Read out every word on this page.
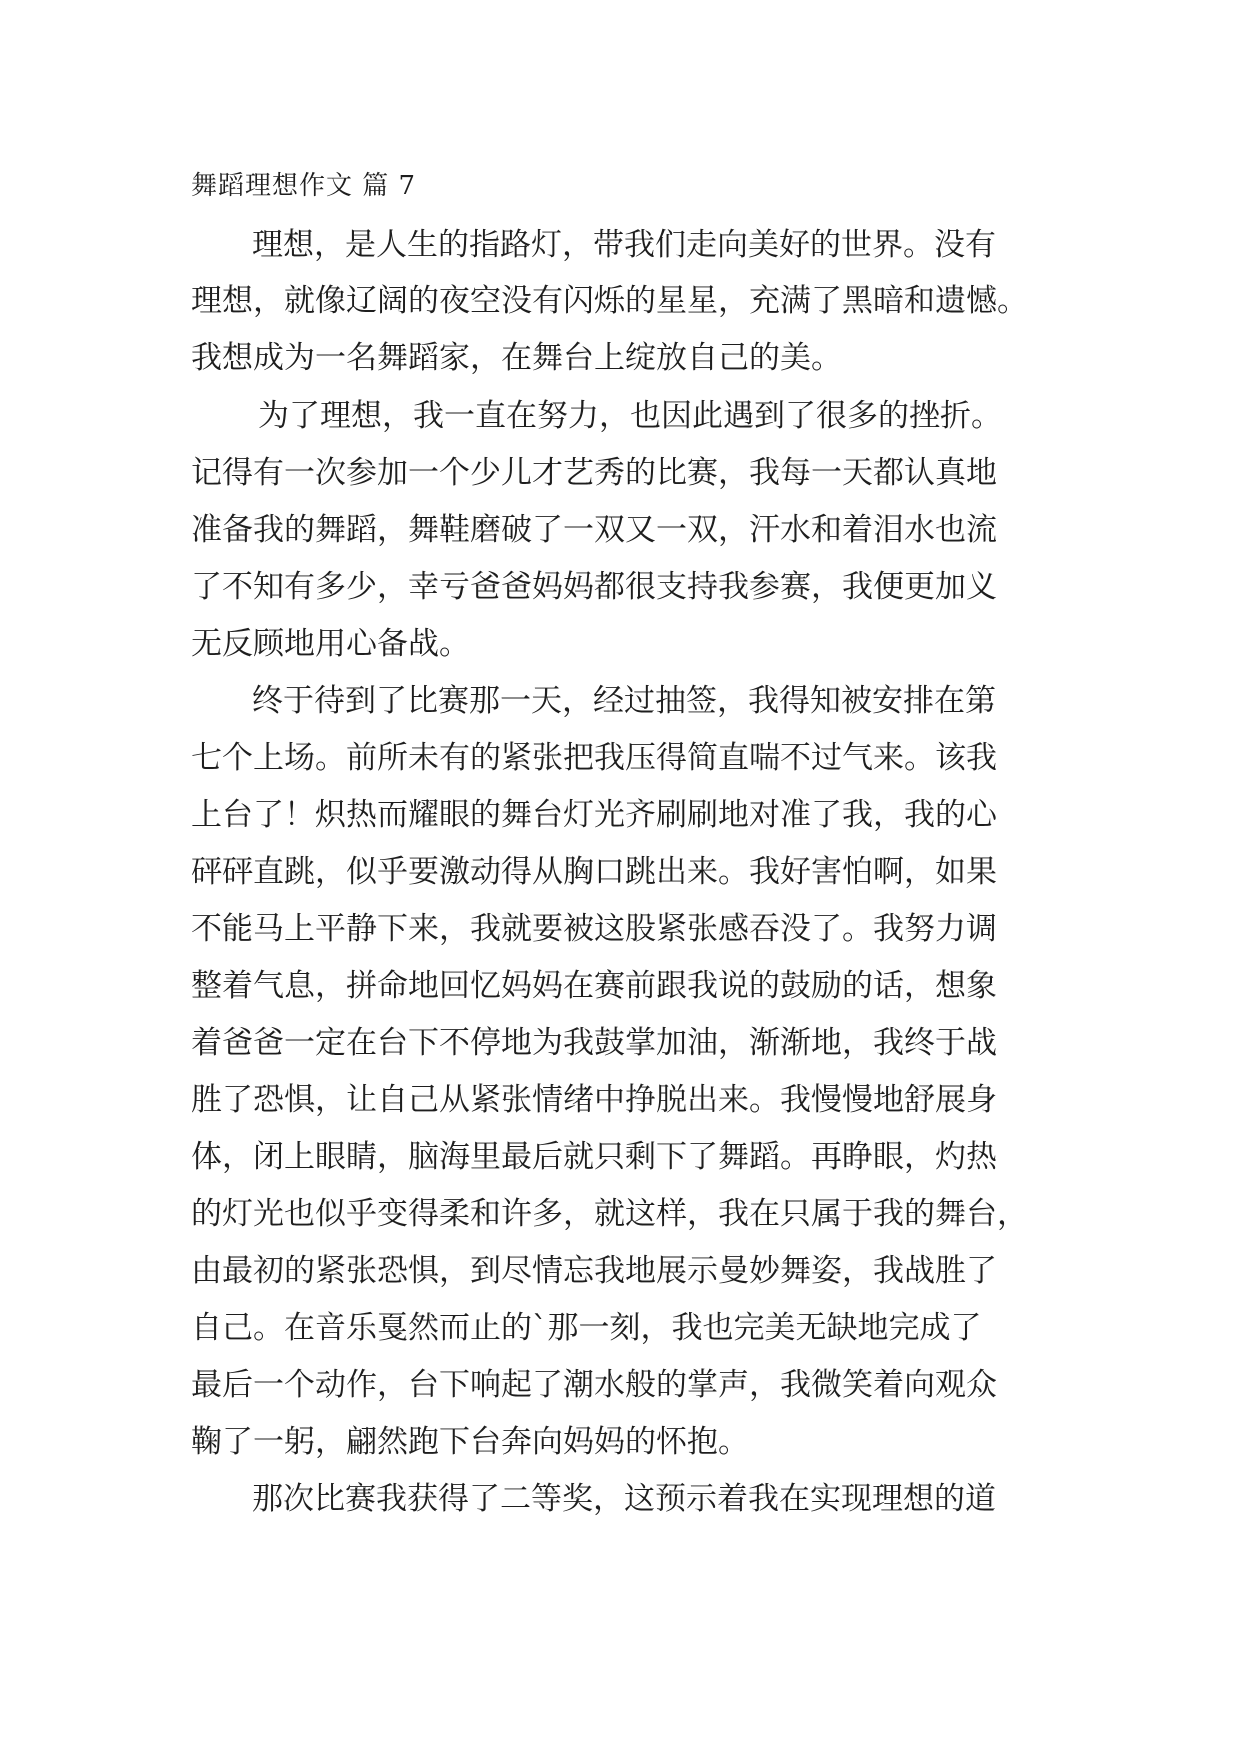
舞蹈理想作文 篇 7
理想，是人生的指路灯，带我们走向美好的世界。没有
理想，就像辽阔的夜空没有闪烁的星星，充满了黑暗和遗憾。
我想成为一名舞蹈家，在舞台上绽放自己的美。
为了理想，我一直在努力，也因此遇到了很多的挫折。
记得有一次参加一个少儿才艺秀的比赛，我每一天都认真地
准备我的舞蹈，舞鞋磨破了一双又一双，汗水和着泪水也流
了不知有多少，幸亏爸爸妈妈都很支持我参赛，我便更加义
无反顾地用心备战。
终于待到了比赛那一天，经过抽签，我得知被安排在第
七个上场。前所未有的紧张把我压得简直喘不过气来。该我
上台了！炽热而耀眼的舞台灯光齐刷刷地对准了我，我的心
砰砰直跳，似乎要激动得从胸口跳出来。我好害怕啊，如果
不能马上平静下来，我就要被这股紧张感吞没了。我努力调
整着气息，拼命地回忆妈妈在赛前跟我说的鼓励的话，想象
着爸爸一定在台下不停地为我鼓掌加油，渐渐地，我终于战
胜了恐惧，让自己从紧张情绪中挣脱出来。我慢慢地舒展身
体，闭上眼睛，脑海里最后就只剩下了舞蹈。再睁眼，灼热
的灯光也似乎变得柔和许多，就这样，我在只属于我的舞台，
由最初的紧张恐惧，到尽情忘我地展示曼妙舞姿，我战胜了
自己。在音乐戛然而止的`那一刻，我也完美无缺地完成了
最后一个动作，台下响起了潮水般的掌声，我微笑着向观众
鞠了一躬，翩然跑下台奔向妈妈的怀抱。
那次比赛我获得了二等奖，这预示着我在实现理想的道
